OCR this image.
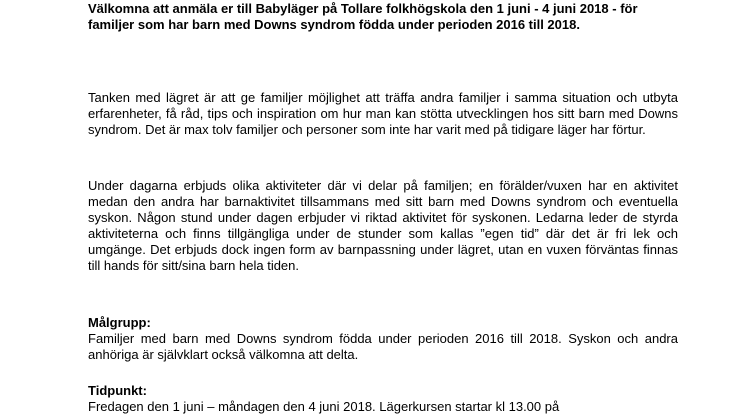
Välkomna att anmäla er till Babyläger på Tollare folkhögskola den 1 juni - 4 juni 2018 - för familjer som har barn med Downs syndrom födda under perioden 2016 till 2018.

Tanken med lägret är att ge familjer möjlighet att träffa andra familjer i samma situation och utbyta erfarenheter, få råd, tips och inspiration om hur man kan stötta utvecklingen hos sitt barn med Downs syndrom. Det är max tolv familjer och personer som inte har varit med på tidigare läger har förtur.

Under dagarna erbjuds olika aktiviteter där vi delar på familjen; en förälder/vuxen har en aktivitet medan den andra har barnaktivitet tillsammans med sitt barn med Downs syndrom och eventuella syskon. Någon stund under dagen erbjuder vi riktad aktivitet för syskonen. Ledarna leder de styrda aktiviteterna och finns tillgängliga under de stunder som kallas ”egen tid” där det är fri lek och umgänge. Det erbjuds dock ingen form av barnpassning under lägret, utan en vuxen förväntas finnas till hands för sitt/sina barn hela tiden.

Målgrupp:

Familjer med barn med Downs syndrom födda under perioden 2016 till 2018. Syskon och andra anhöriga är självklart också välkomna att delta.

Tidpunkt:

Fredagen den 1 juni – måndagen den 4 juni 2018. Lägerkursen startar kl 13.00 på
